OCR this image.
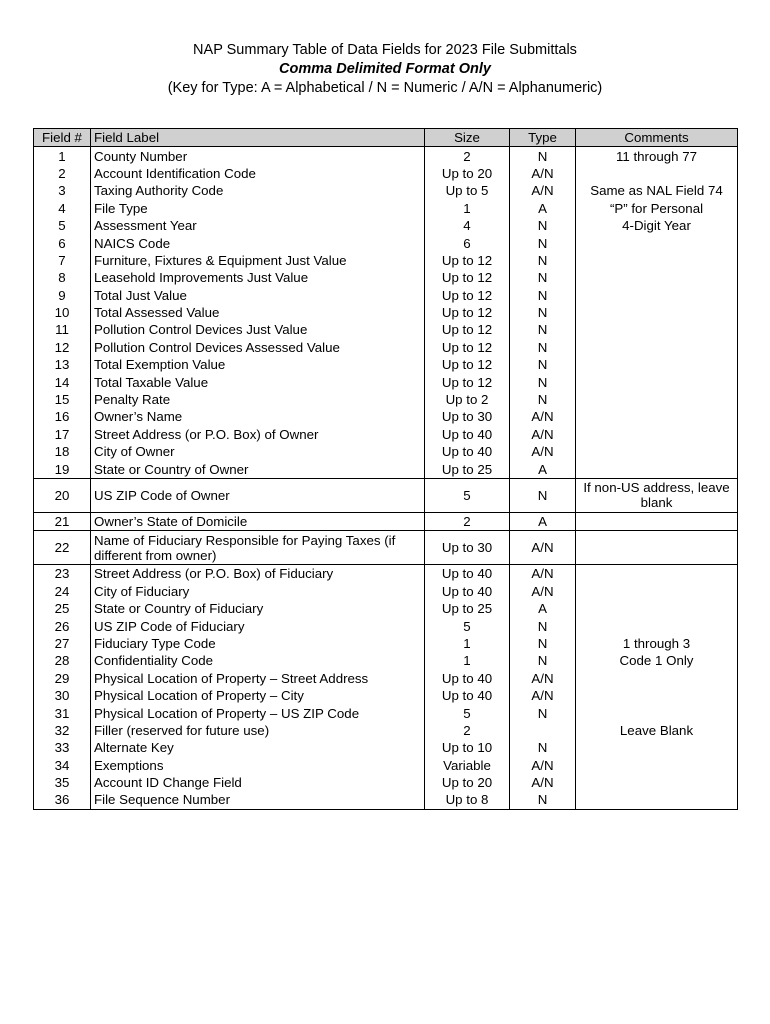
NAP Summary Table of Data Fields for 2023 File Submittals
Comma Delimited Format Only
(Key for Type: A = Alphabetical / N = Numeric / A/N = Alphanumeric)
Field #	Field Label	Size	Type	Comments
1	County Number	2	N	11 through 77
2	Account Identification Code	Up to 20	A/N	
3	Taxing Authority Code	Up to 5	A/N	Same as NAL Field 74
4	File Type	1	A	“P” for Personal
5	Assessment Year	4	N	4-Digit Year
6	NAICS Code	6	N	
7	Furniture, Fixtures & Equipment Just Value	Up to 12	N	
8	Leasehold Improvements Just Value	Up to 12	N	
9	Total Just Value	Up to 12	N	
10	Total Assessed Value	Up to 12	N	
11	Pollution Control Devices Just Value	Up to 12	N	
12	Pollution Control Devices Assessed Value	Up to 12	N	
13	Total Exemption Value	Up to 12	N	
14	Total Taxable Value	Up to 12	N	
15	Penalty Rate	Up to 2	N	
16	Owner’s Name	Up to 30	A/N	
17	Street Address (or P.O. Box) of Owner	Up to 40	A/N	
18	City of Owner	Up to 40	A/N	
19	State or Country of Owner	Up to 25	A	
20	US ZIP Code of Owner	5	N	If non-US address, leave blank
21	Owner’s State of Domicile	2	A	
22	Name of Fiduciary Responsible for Paying Taxes (if different from owner)	Up to 30	A/N	
23	Street Address (or P.O. Box) of Fiduciary	Up to 40	A/N	
24	City of Fiduciary	Up to 40	A/N	
25	State or Country of Fiduciary	Up to 25	A	
26	US ZIP Code of Fiduciary	5	N	
27	Fiduciary Type Code	1	N	1 through 3
28	Confidentiality Code	1	N	Code 1 Only
29	Physical Location of Property – Street Address	Up to 40	A/N	
30	Physical Location of Property – City	Up to 40	A/N	
31	Physical Location of Property – US ZIP Code	5	N	
32	Filler (reserved for future use)	2		Leave Blank
33	Alternate Key	Up to 10	N	
34	Exemptions	Variable	A/N	
35	Account ID Change Field	Up to 20	A/N	
36	File Sequence Number	Up to 8	N	
